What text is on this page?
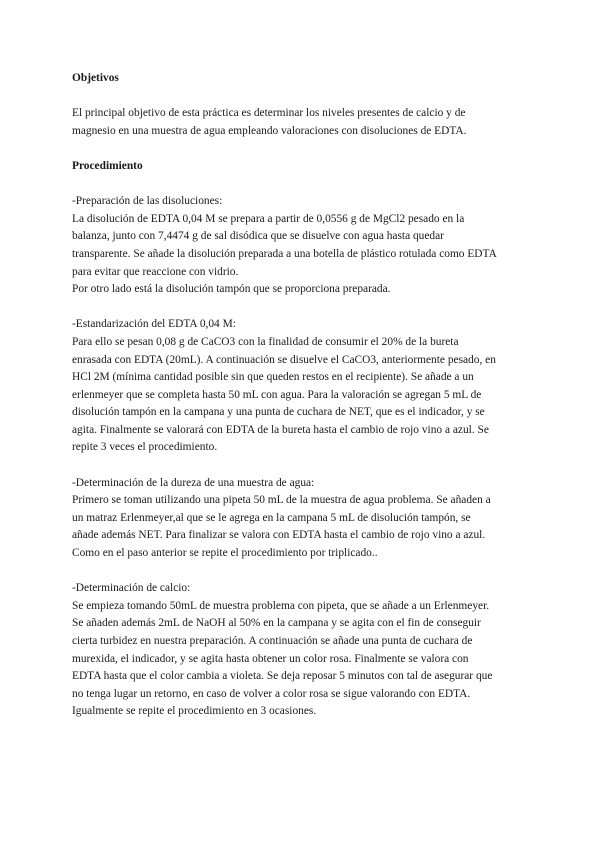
Objetivos

El principal objetivo de esta práctica es determinar los niveles presentes de calcio y de
magnesio en una muestra de agua empleando valoraciones con disoluciones de EDTA.

Procedimiento

-Preparación de las disoluciones:
La disolución de EDTA 0,04 M se prepara a partir de 0,0556 g de MgCl2 pesado en la
balanza, junto con 7,4474 g de sal disódica que se disuelve con agua hasta quedar
transparente. Se añade la disolución preparada a una botella de plástico rotulada como EDTA
para evitar que reaccione con vidrio.
Por otro lado está la disolución tampón que se proporciona preparada.
-Estandarización del EDTA 0,04 M:
Para ello se pesan 0,08 g de CaCO3 con la finalidad de consumir el 20% de la bureta
enrasada con EDTA (20mL). A continuación se disuelve el CaCO3, anteriormente pesado, en
HCl 2M (mínima cantidad posible sin que queden restos en el recipiente). Se añade a un
erlenmeyer que se completa hasta 50 mL con agua. Para la valoración se agregan 5 mL de
disolución tampón en la campana y una punta de cuchara de NET, que es el indicador, y se
agita. Finalmente se valorará con EDTA de la bureta hasta el cambio de rojo vino a azul. Se
repite 3 veces el procedimiento.
-Determinación de la dureza de una muestra de agua:
Primero se toman utilizando una pipeta 50 mL de la muestra de agua problema. Se añaden a
un matraz Erlenmeyer,al que se le agrega en la campana 5 mL de disolución tampón, se
añade además NET. Para finalizar se valora con EDTA hasta el cambio de rojo vino a azul.
Como en el paso anterior se repite el procedimiento por triplicado..
-Determinación de calcio:
Se empieza tomando 50mL de muestra problema con pipeta, que se añade a un Erlenmeyer.
Se añaden además 2mL de NaOH al 50% en la campana y se agita con el fin de conseguir
cierta turbidez en nuestra preparación. A continuación se añade una punta de cuchara de
murexida, el indicador, y se agita hasta obtener un color rosa. Finalmente se valora con
EDTA hasta que el color cambia a violeta. Se deja reposar 5 minutos con tal de asegurar que
no tenga lugar un retorno, en caso de volver a color rosa se sigue valorando con EDTA.
Igualmente se repite el procedimiento en 3 ocasiones.
